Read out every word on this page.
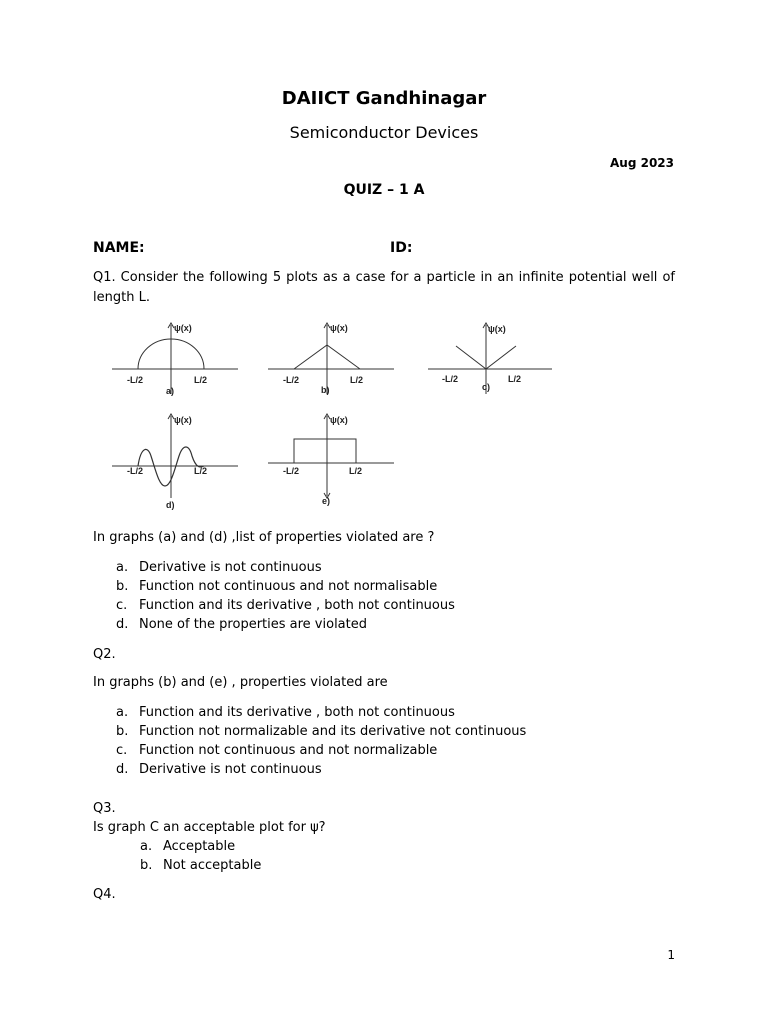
DAIICT Gandhinagar
Semiconductor Devices
Aug 2023
QUIZ – 1 A
NAME:	ID:
Q1. Consider the following 5 plots as a case for a particle in an infinite potential well of length L.
ψ(x)
-L/2	L/2
a)
ψ(x)
-L/2	L/2
b)
ψ(x)
-L/2	L/2
c)
ψ(x)
-L/2	L/2
d)
ψ(x)
-L/2	L/2
e)
In graphs (a) and (d) ,list of properties violated are ?
a. Derivative is not continuous
b. Function not continuous and not normalisable
c. Function and its derivative , both not continuous
d. None of the properties are violated
Q2.
In graphs (b) and (e) , properties violated are
a. Function and its derivative , both not continuous
b. Function not normalizable and its derivative not continuous
c. Function not continuous and not normalizable
d. Derivative is not continuous
Q3.
Is graph C an acceptable plot for ψ?
a. Acceptable
b. Not acceptable
Q4.
1
